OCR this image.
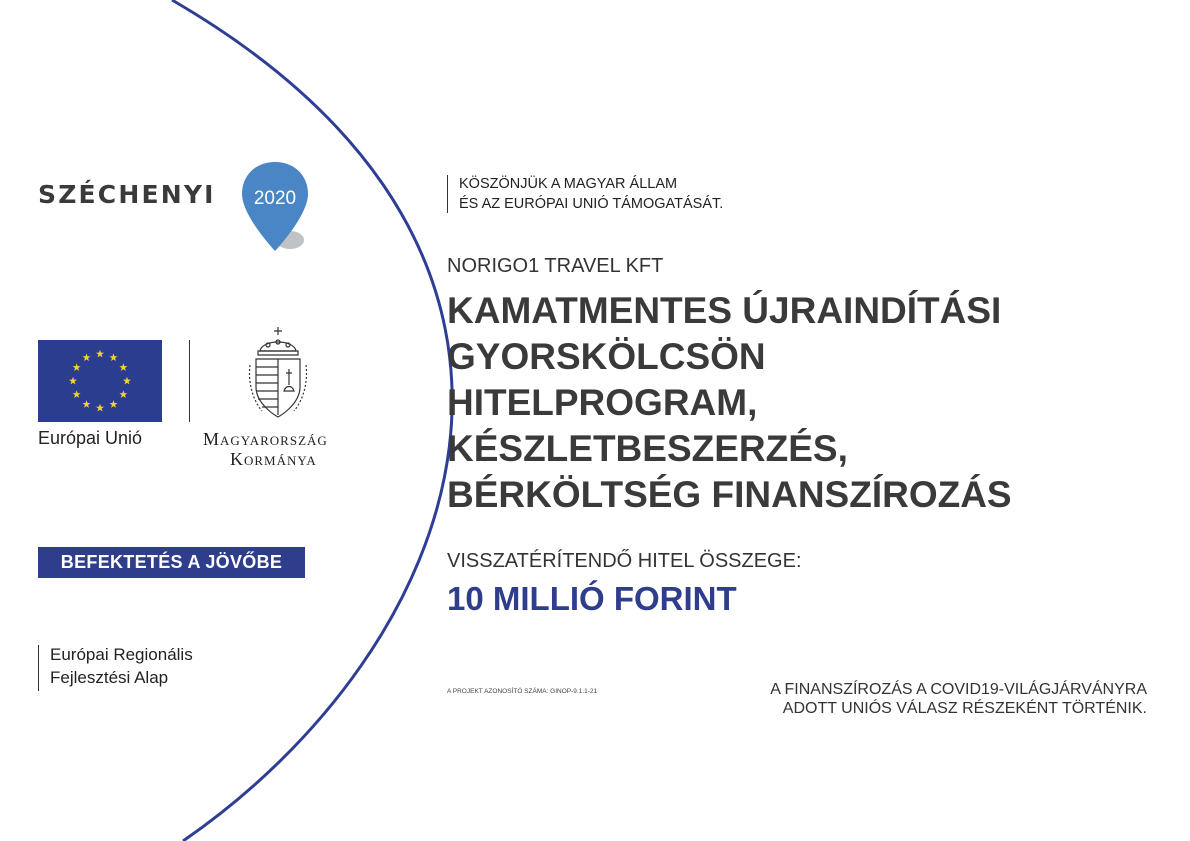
SZÉCHENYI 2020
Európai Unió	Magyarország
Kormánya
BEFEKTETÉS A JÖVŐBE
Európai Regionális
Fejlesztési Alap
KÖSZÖNJÜK A MAGYAR ÁLLAM
ÉS AZ EURÓPAI UNIÓ TÁMOGATÁSÁT.
NORIGO1 TRAVEL KFT
KAMATMENTES ÚJRAINDÍTÁSI
GYORSKÖLCSÖN
HITELPROGRAM,
KÉSZLETBESZERZÉS,
BÉRKÖLTSÉG FINANSZÍROZÁS
VISSZATÉRÍTENDŐ HITEL ÖSSZEGE:
10 MILLIÓ FORINT
A PROJEKT AZONOSÍTÓ SZÁMA: GINOP-9.1.1-21	A FINANSZÍROZÁS A COVID19-VILÁGJÁRVÁNYRA
ADOTT UNIÓS VÁLASZ RÉSZEKÉNT TÖRTÉNIK.
